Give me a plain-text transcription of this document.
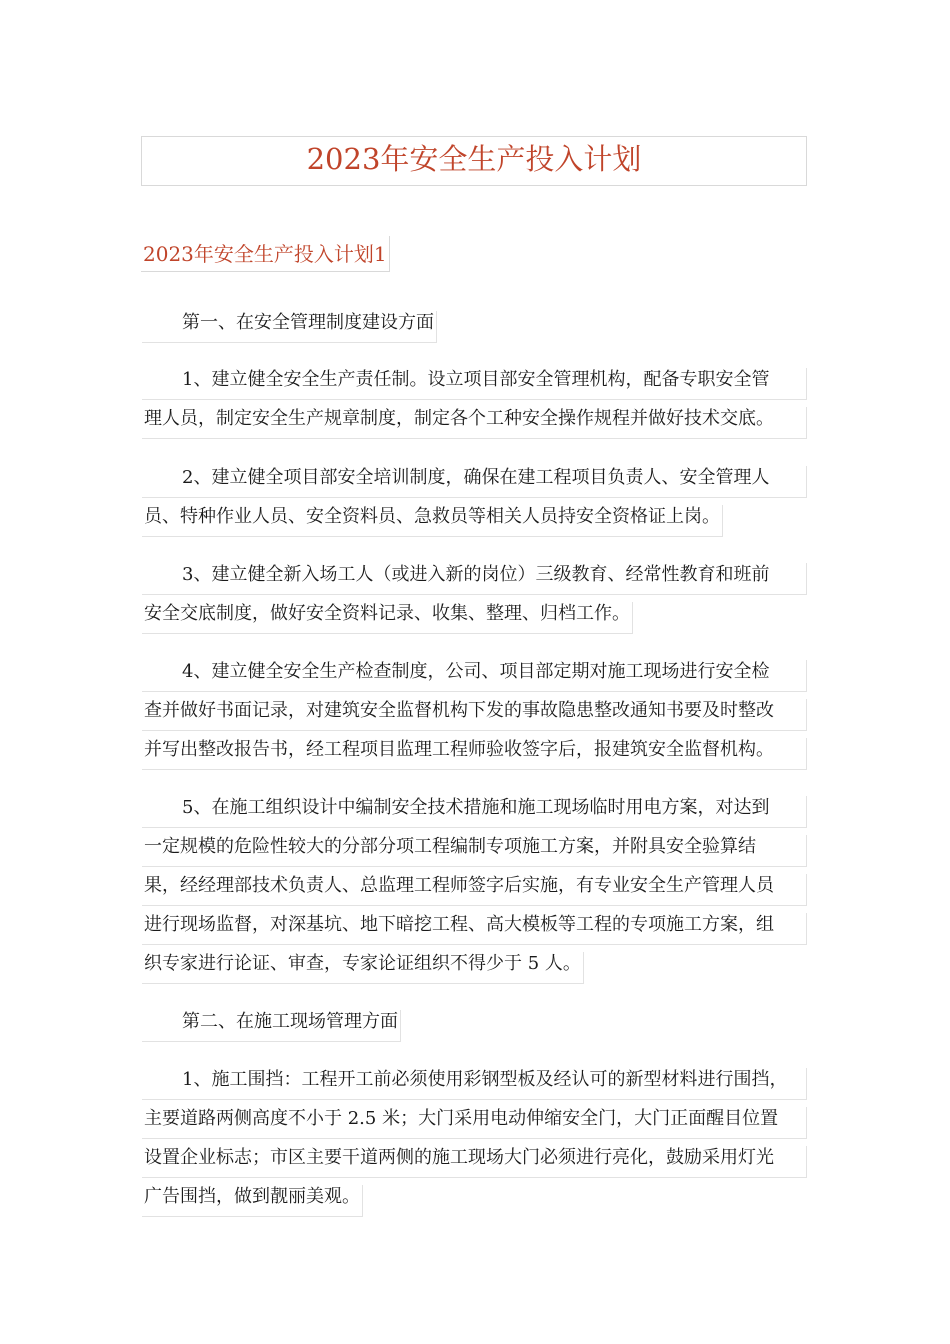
2023年安全生产投入计划
2023年安全生产投入计划1
第一、在安全管理制度建设方面
1、建立健全安全生产责任制。设立项目部安全管理机构，配备专职安全管
理人员，制定安全生产规章制度，制定各个工种安全操作规程并做好技术交底。
2、建立健全项目部安全培训制度，确保在建工程项目负责人、安全管理人
员、特种作业人员、安全资料员、急救员等相关人员持安全资格证上岗。
3、建立健全新入场工人（或进入新的岗位）三级教育、经常性教育和班前
安全交底制度，做好安全资料记录、收集、整理、归档工作。
4、建立健全安全生产检查制度，公司、项目部定期对施工现场进行安全检
查并做好书面记录，对建筑安全监督机构下发的事故隐患整改通知书要及时整改
并写出整改报告书，经工程项目监理工程师验收签字后，报建筑安全监督机构。
5、在施工组织设计中编制安全技术措施和施工现场临时用电方案，对达到
一定规模的危险性较大的分部分项工程编制专项施工方案，并附具安全验算结
果，经经理部技术负责人、总监理工程师签字后实施，有专业安全生产管理人员
进行现场监督，对深基坑、地下暗挖工程、高大模板等工程的专项施工方案，组
织专家进行论证、审查，专家论证组织不得少于 5 人。
第二、在施工现场管理方面
1、施工围挡：工程开工前必须使用彩钢型板及经认可的新型材料进行围挡，
主要道路两侧高度不小于 2.5 米；大门采用电动伸缩安全门，大门正面醒目位置
设置企业标志；市区主要干道两侧的施工现场大门必须进行亮化，鼓励采用灯光
广告围挡，做到靓丽美观。
